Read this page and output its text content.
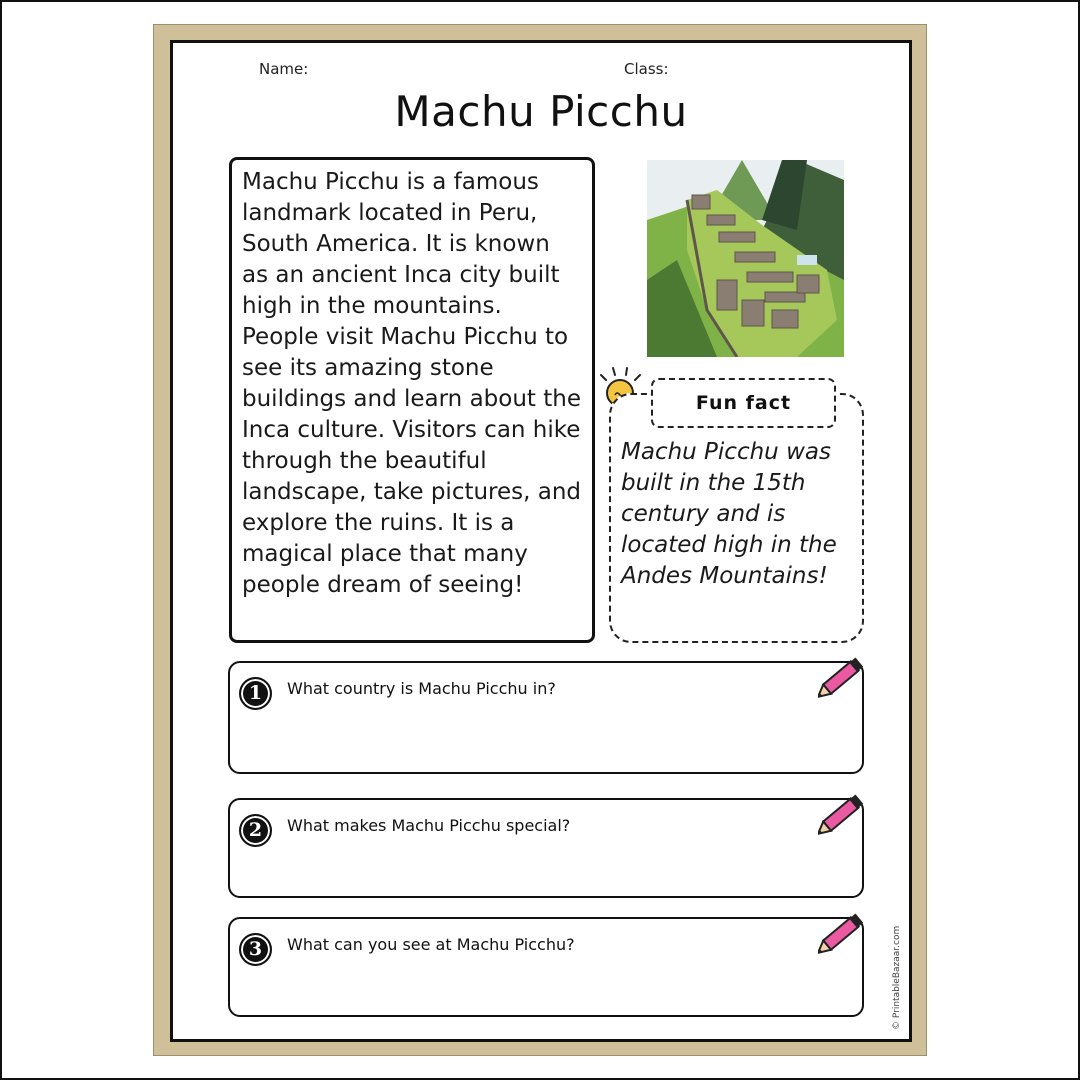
Name:	Class:
Machu Picchu
Machu Picchu is a famous landmark located in Peru, South America. It is known as an ancient Inca city built high in the mountains. People visit Machu Picchu to see its amazing stone buildings and learn about the Inca culture. Visitors can hike through the beautiful landscape, take pictures, and explore the ruins. It is a magical place that many people dream of seeing!
Fun fact
Machu Picchu was built in the 15th century and is located high in the Andes Mountains!
1	What country is Machu Picchu in?
2	What makes Machu Picchu special?
3	What can you see at Machu Picchu?	© PrintableBazaar.com
